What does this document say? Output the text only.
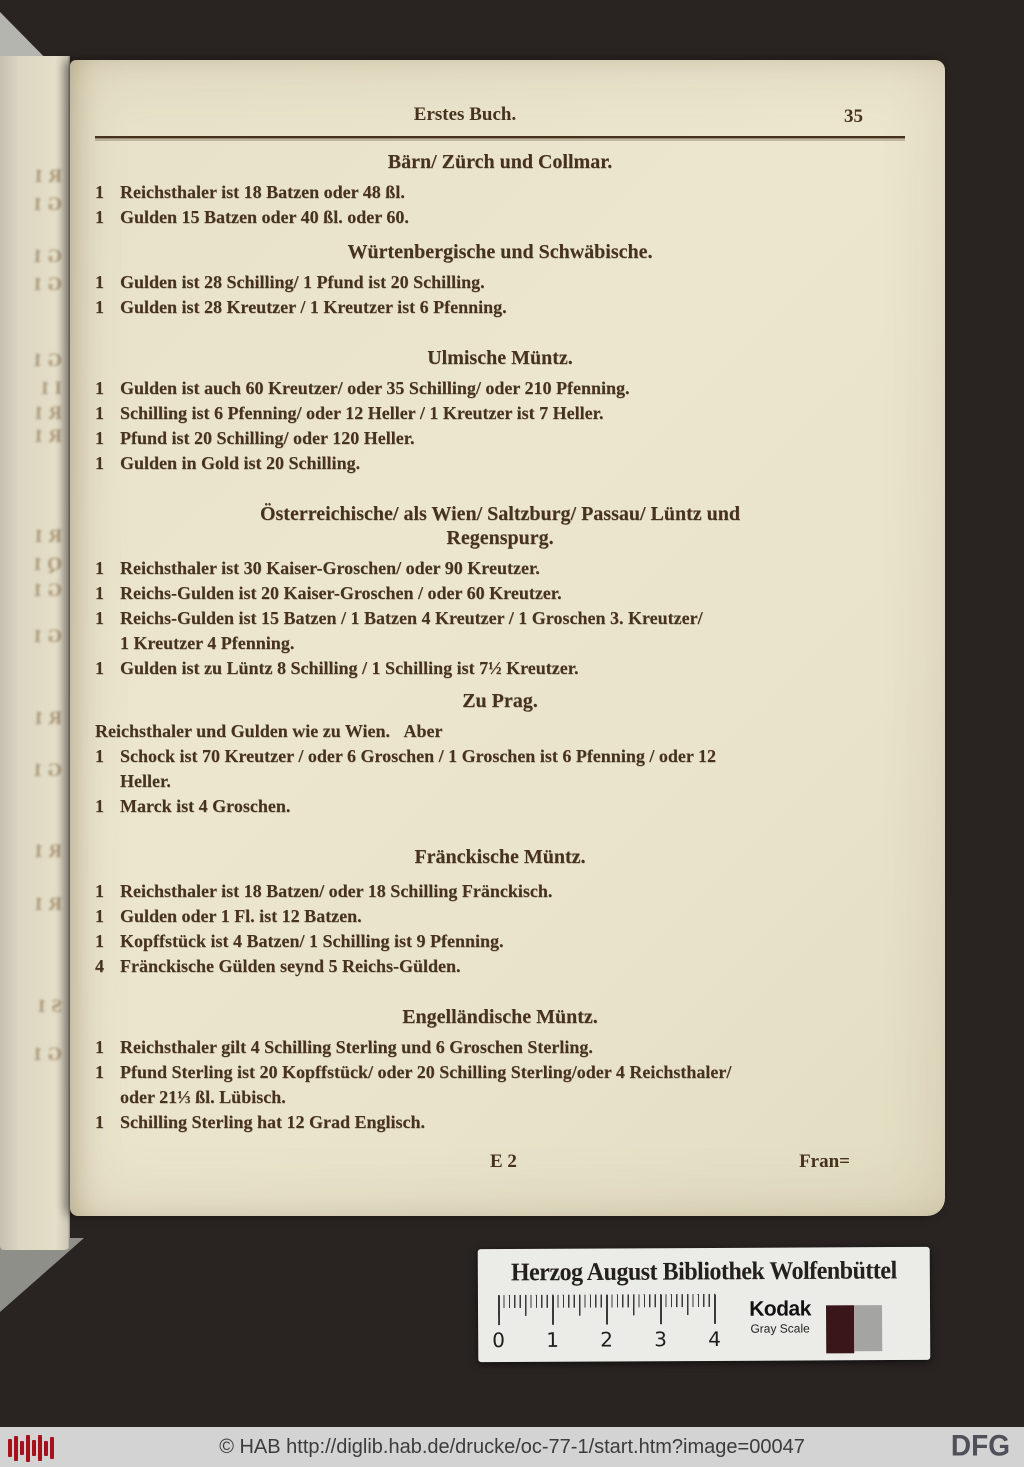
R 1
G 1
G 1
G 1
G 1
I 1
R 1
R 1
R 1
Q 1
G 1
G 1
R 1
G 1
R 1
R 1
S 1
G 1
Erstes Buch.	35
Bärn/ Zürch und Collmar.
1 Reichsthaler ist 18 Batzen oder 48 ßl.
1 Gulden 15 Batzen oder 40 ßl. oder 60.
Würtenbergische und Schwäbische.
1 Gulden ist 28 Schilling/ 1 Pfund ist 20 Schilling.
1 Gulden ist 28 Kreutzer / 1 Kreutzer ist 6 Pfenning.
Ulmische Müntz.
1 Gulden ist auch 60 Kreutzer/ oder 35 Schilling/ oder 210 Pfenning.
1 Schilling ist 6 Pfenning/ oder 12 Heller / 1 Kreutzer ist 7 Heller.
1 Pfund ist 20 Schilling/ oder 120 Heller.
1 Gulden in Gold ist 20 Schilling.
Österreichische/ als Wien/ Saltzburg/ Passau/ Lüntz und
Regenspurg.
1 Reichsthaler ist 30 Kaiser-Groschen/ oder 90 Kreutzer.
1 Reichs-Gulden ist 20 Kaiser-Groschen / oder 60 Kreutzer.
1 Reichs-Gulden ist 15 Batzen / 1 Batzen 4 Kreutzer / 1 Groschen 3. Kreutzer/
1 Kreutzer 4 Pfenning.
1 Gulden ist zu Lüntz 8 Schilling / 1 Schilling ist 7½ Kreutzer.
Zu Prag.
Reichsthaler und Gulden wie zu Wien.   Aber
1 Schock ist 70 Kreutzer / oder 6 Groschen / 1 Groschen ist 6 Pfenning / oder 12
Heller.
1 Marck ist 4 Groschen.
Fränckische Müntz.
1 Reichsthaler ist 18 Batzen/ oder 18 Schilling Fränckisch.
1 Gulden oder 1 Fl. ist 12 Batzen.
1 Kopffstück ist 4 Batzen/ 1 Schilling ist 9 Pfenning.
4 Fränckische Gülden seynd 5 Reichs-Gülden.
Engelländische Müntz.
1 Reichsthaler gilt 4 Schilling Sterling und 6 Groschen Sterling.
1 Pfund Sterling ist 20 Kopffstück/ oder 20 Schilling Sterling/oder 4 Reichsthaler/
oder 21⅓ ßl. Lübisch.
1 Schilling Sterling hat 12 Grad Englisch.
E 2	Fran=
Herzog August Bibliothek Wolfenbüttel
0 1 2 3 4
Kodak
Gray Scale
© HAB http://diglib.hab.de/drucke/oc-77-1/start.htm?image=00047	DFG
